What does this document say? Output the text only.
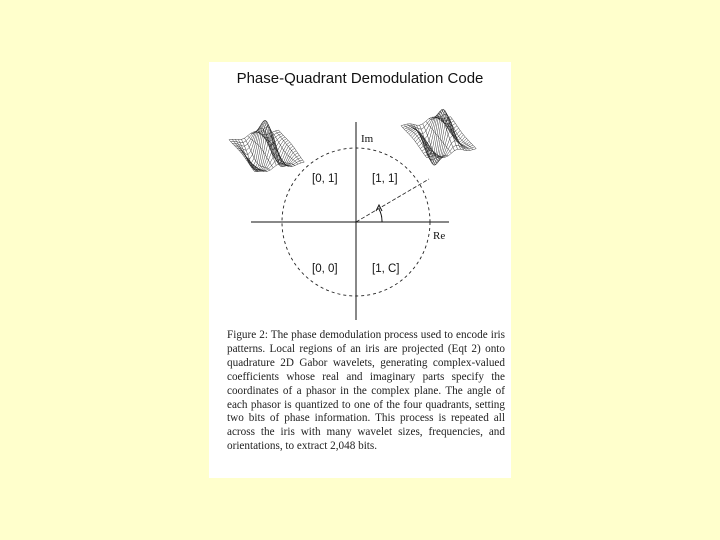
Phase-Quadrant Demodulation Code
Im
Re
[0, 1]	[1, 1]
[0, 0]	[1, C]
Figure 2: The phase demodulation process used to encode iris patterns. Local regions of an iris are projected (Eqt 2) onto quadrature 2D Gabor wavelets, generating complex-valued coefficients whose real and imaginary parts specify the coordinates of a phasor in the complex plane. The angle of each phasor is quantized to one of the four quadrants, setting two bits of phase information. This process is repeated all across the iris with many wavelet sizes, frequencies, and orientations, to extract 2,048 bits.
